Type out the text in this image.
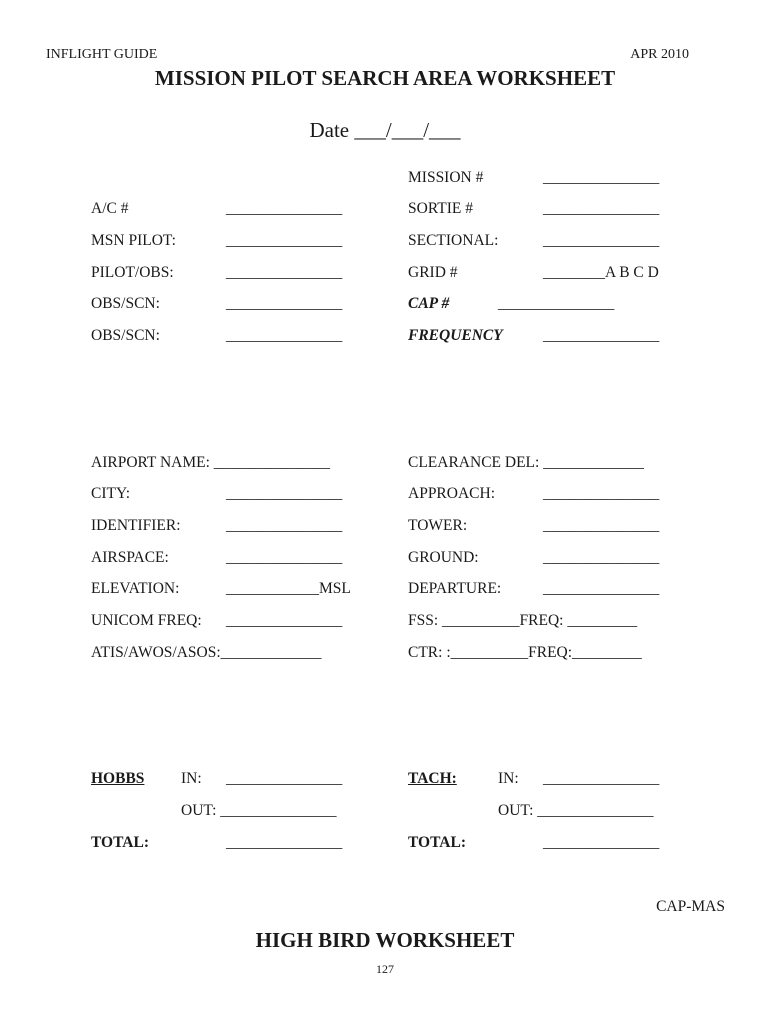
INFLIGHT GUIDE	APR 2010
MISSION PILOT SEARCH AREA WORKSHEET
Date ___/___/___
MISSION #	_______________
A/C #	_______________	SORTIE #	_______________
MSN PILOT:	_______________	SECTIONAL:	_______________
PILOT/OBS:	_______________	GRID #	________A B C D
OBS/SCN:	_______________	CAP #	_______________
OBS/SCN:	_______________	FREQUENCY	_______________
AIRPORT NAME: _______________	CLEARANCE DEL: _____________
CITY:	_______________	APPROACH:	_______________
IDENTIFIER:	_______________	TOWER:	_______________
AIRSPACE:	_______________	GROUND:	_______________
ELEVATION:	____________MSL	DEPARTURE:	_______________
UNICOM FREQ: _______________	FSS: __________FREQ: _________
ATIS/AWOS/ASOS:_____________	CTR: :__________FREQ:_________
HOBBS IN: _______________	TACH:	IN: _______________
OUT: _______________	OUT: _______________
TOTAL:	_______________	TOTAL:	_______________
CAP-MAS
HIGH BIRD WORKSHEET
127
